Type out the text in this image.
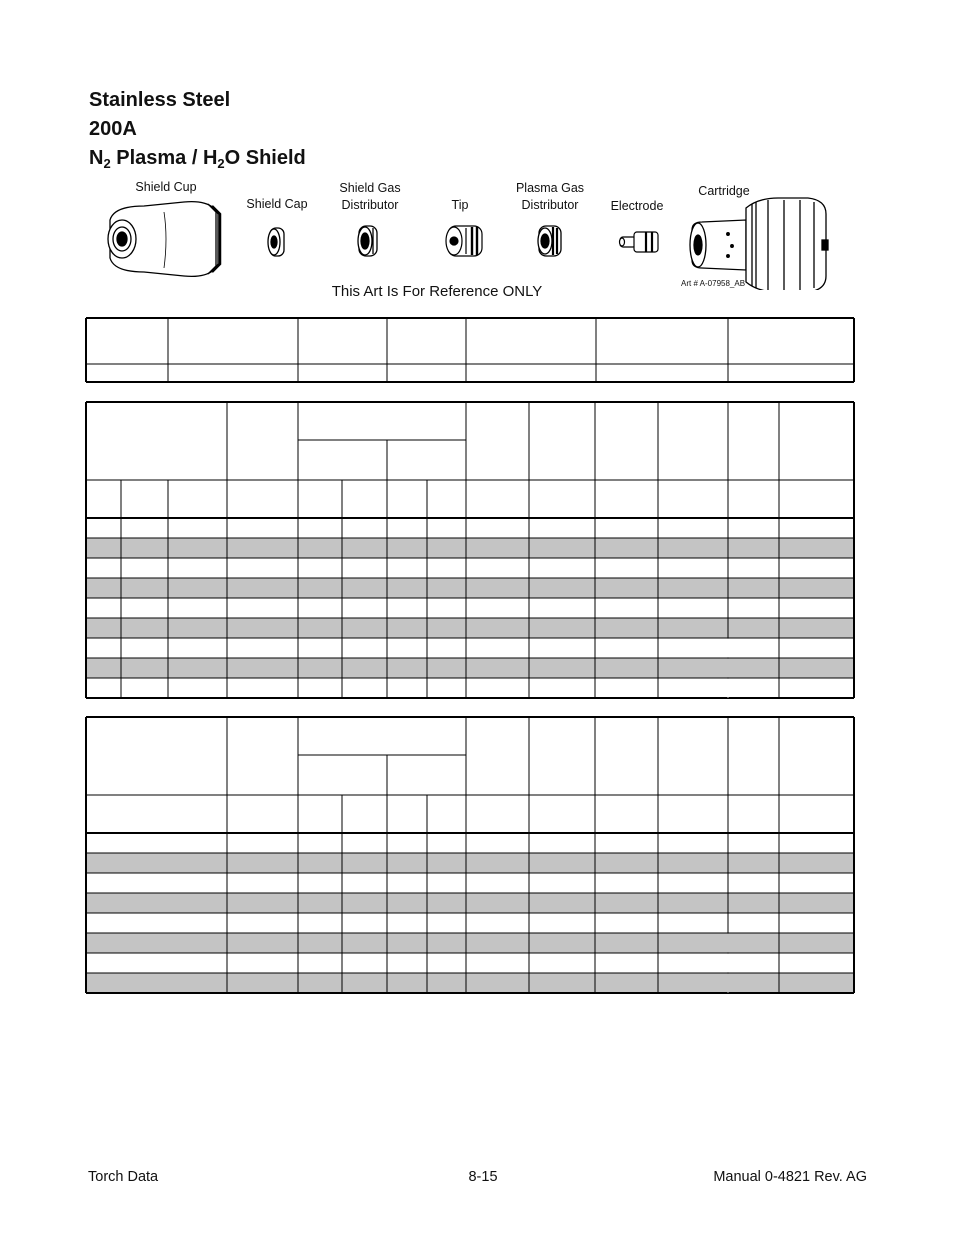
Stainless Steel
200A
$N_2$ Plasma / $H_2O$ Shield
Shield Cup
Shield Cap
Shield Gas
Distributor	Tip
Plasma Gas
Distributor	Electrode
Cartridge
This Art Is For Reference ONLY	Art # A-07958_AB
Torch Data	8-15	Manual 0-4821 Rev. AG
